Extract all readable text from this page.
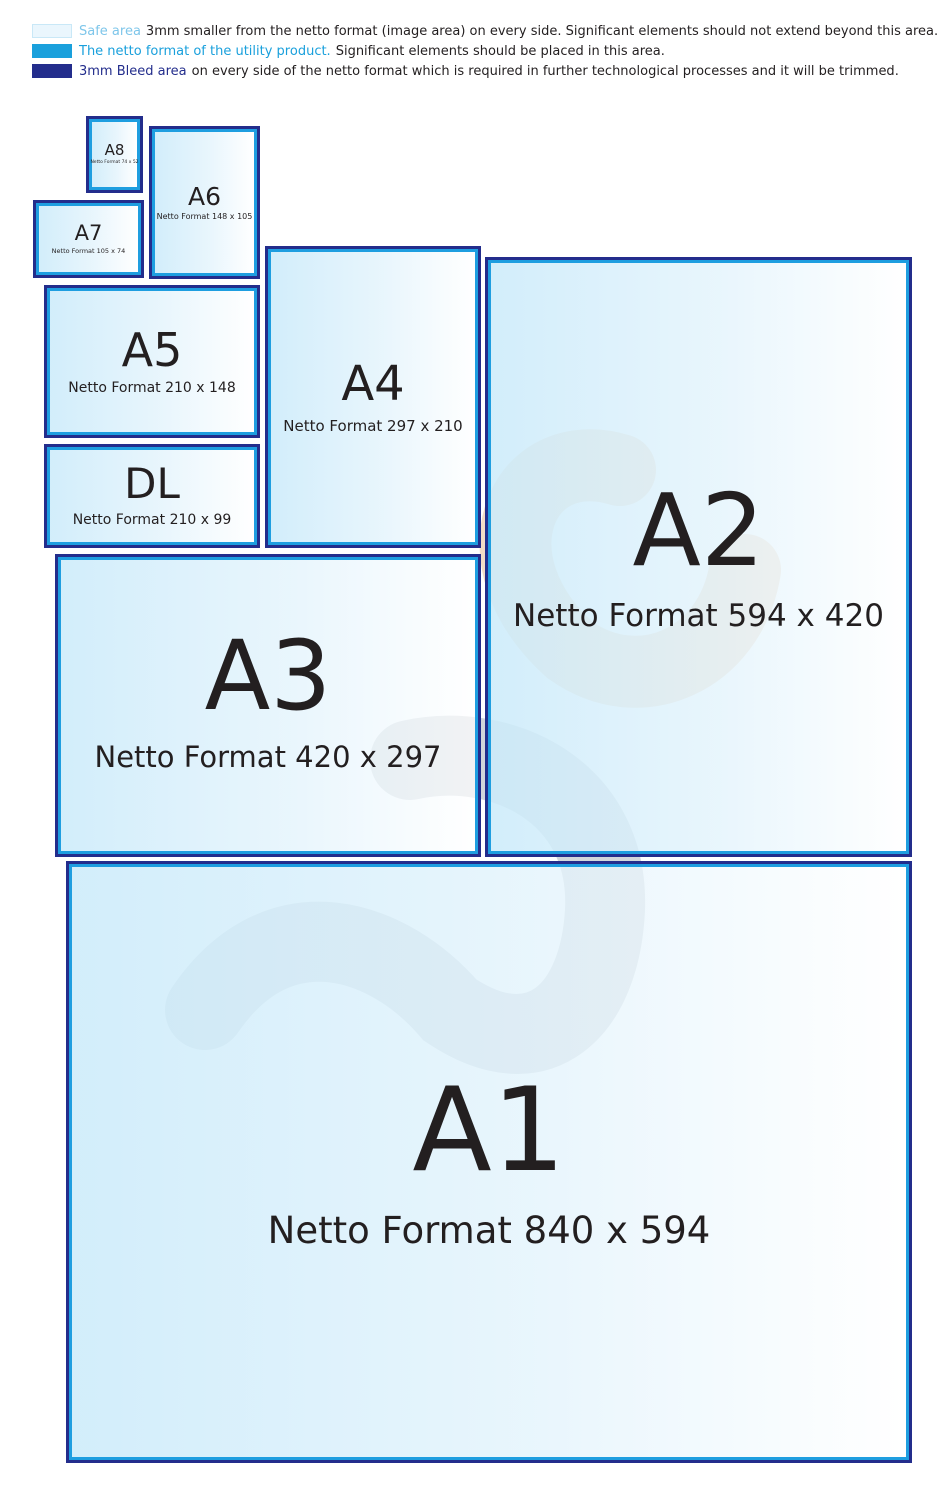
Safe area 3mm smaller from the netto format (image area) on every side. Significant elements should not extend beyond this area.
The netto format of the utility product. Significant elements should be placed in this area.
3mm Bleed area on every side of the netto format which is required in further technological processes and it will be trimmed.
A8
Netto Format 74 x 52
A6
Netto Format 148 x 105
A7
Netto Format 105 x 74
A5
Netto Format 210 x 148
DL
Netto Format 210 x 99
A4
Netto Format 297 x 210
A3
Netto Format 420 x 297
A2
Netto Format 594 x 420
A1
Netto Format 840 x 594
